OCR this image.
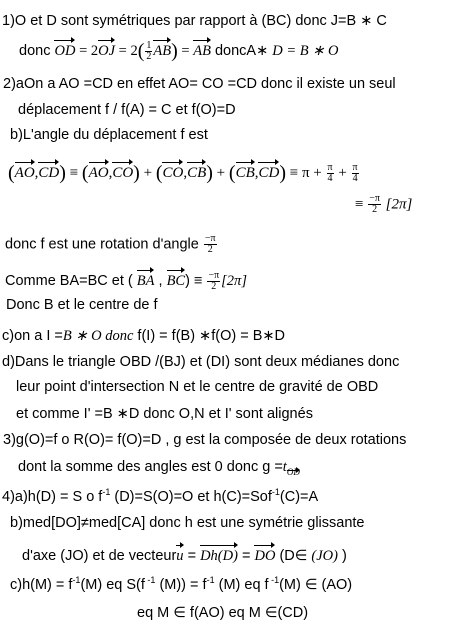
1)O et D sont symétriques par rapport à (BC) donc J=B ∗ C
donc OD = $2OJ = 2( \frac{1}{2} AB)$ = AB doncA∗ D = B ∗ O
2)aOn a AO =CD en effet AO= CO =CD donc il existe un seul
déplacement f / f(A) = C et f(O)=D
b)L'angle du déplacement f est
$(AO,CD) \equiv (AO,CO) + (CO,CB) + (CB,CD) \equiv \pi + \frac{\pi}{4} + \frac{\pi}{4}$
≡ $\frac{-\pi}{2} [2\pi]$
donc f est une rotation d'angle $\frac{-\pi}{2}$
Comme BA=BC et ( BA , $BC) \equiv \frac{-\pi}{2} [2\pi]$
Donc B et le centre de f
c)on a I =B ∗ O donc f(I) = f(B) ∗f(O) = B∗D
d)Dans le triangle OBD /(BJ) et (DI) sont deux médianes donc
leur point d'intersection N et le centre de gravité de OBD
et comme I' =B ∗D donc O,N et I' sont alignés
3)g(O)=f o R(O)= f(O)=D , g est la composée de deux rotations
dont la somme des angles est 0 donc $g =t_{OD}$
4)a)h(D) = S o $f^{-1}$ (D)=S(O)=O et h(C)=Sof$^{-1}$(C)=A
b)med[DO]≠med[CA] donc h est une symétrie glissante
d'axe (JO) et de vecteuru = Dh(D) = DO (D∈ (JO) )
$c)h(M) = f^{-1}(M)$ eq S(f $^{-1}$ $(M)) = f^{-1}$ (M) eq f $^{-1}$(M) ∈ (AO)
eq M ∈ f(AO) eq M ∈(CD)
